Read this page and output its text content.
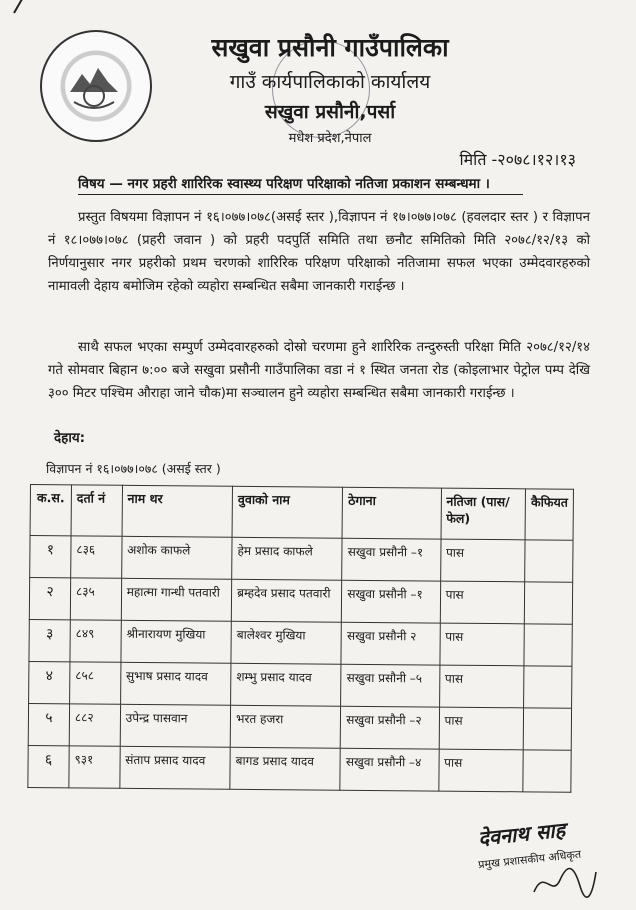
सखुवा प्रसौनी गाउँपालिका
गाउँ कार्यपालिकाको कार्यालय
सखुवा प्रसौनी,पर्सा
मधेश प्रदेश,नेपाल
मिति -२०७८।१२।१३
विषय — नगर प्रहरी शारिरिक स्वास्थ्य परिक्षण परिक्षाको नतिजा प्रकाशन सम्बन्धमा ।
प्रस्तुत विषयमा विज्ञापन नं १६।०७७।०७८(असई स्तर ),विज्ञापन नं १७।०७७।०७८ (हवलदार स्तर ) र विज्ञापन नं १८।०७७।०७८ (प्रहरी जवान ) को प्रहरी पदपुर्ति समिति तथा छनौट समितिको मिति २०७८/१२/१३ को निर्णयानुसार नगर प्रहरीको प्रथम चरणको शारिरिक परिक्षण परिक्षाको नतिजामा सफल भएका उम्मेदवारहरुको नामावली देहाय बमोजिम रहेको व्यहोरा सम्बन्धित सबैमा जानकारी गराईन्छ ।
साथै सफल भएका सम्पुर्ण उम्मेदवारहरुको दोस्रो चरणमा हुने शारिरिक तन्दुरुस्ती परिक्षा मिति २०७८/१२/१४ गते सोमवार बिहान ७:०० बजे सखुवा प्रसौनी गाउँपालिका वडा नं १ स्थित जनता रोड (कोइलाभार पेट्रोल पम्प देखि ३०० मिटर पश्चिम औराहा जाने चौक)मा सञ्चालन हुने व्यहोरा सम्बन्धित सबैमा जानकारी गराईन्छ ।
देहाय:
विज्ञापन नं १६।०७७।०७८ (असई स्तर )
क.स.	दर्ता नं	नाम थर	वुवाको नाम	ठेगाना	नतिजा (पास/फेल)	कैफियत
१	८३६	अशोक काफले	हेम प्रसाद काफले	सखुवा प्रसौनी –१	पास	
२	८३५	महात्मा गान्धी पतवारी	ब्रम्हदेव प्रसाद पतवारी	सखुवा प्रसौनी –१	पास	
३	८४९	श्रीनारायण मुखिया	बालेश्वर मुखिया	सखुवा प्रसौनी २	पास	
४	८५८	सुभाष प्रसाद यादव	शम्भु प्रसाद यादव	सखुवा प्रसौनी –५	पास	
५	८८२	उपेन्द्र पासवान	भरत हजरा	सखुवा प्रसौनी –२	पास	
६	९३१	संताप प्रसाद यादव	बागड प्रसाद यादव	सखुवा प्रसौनी –४	पास	
देवनाथ साह
प्रमुख प्रशासकीय अधिकृत
